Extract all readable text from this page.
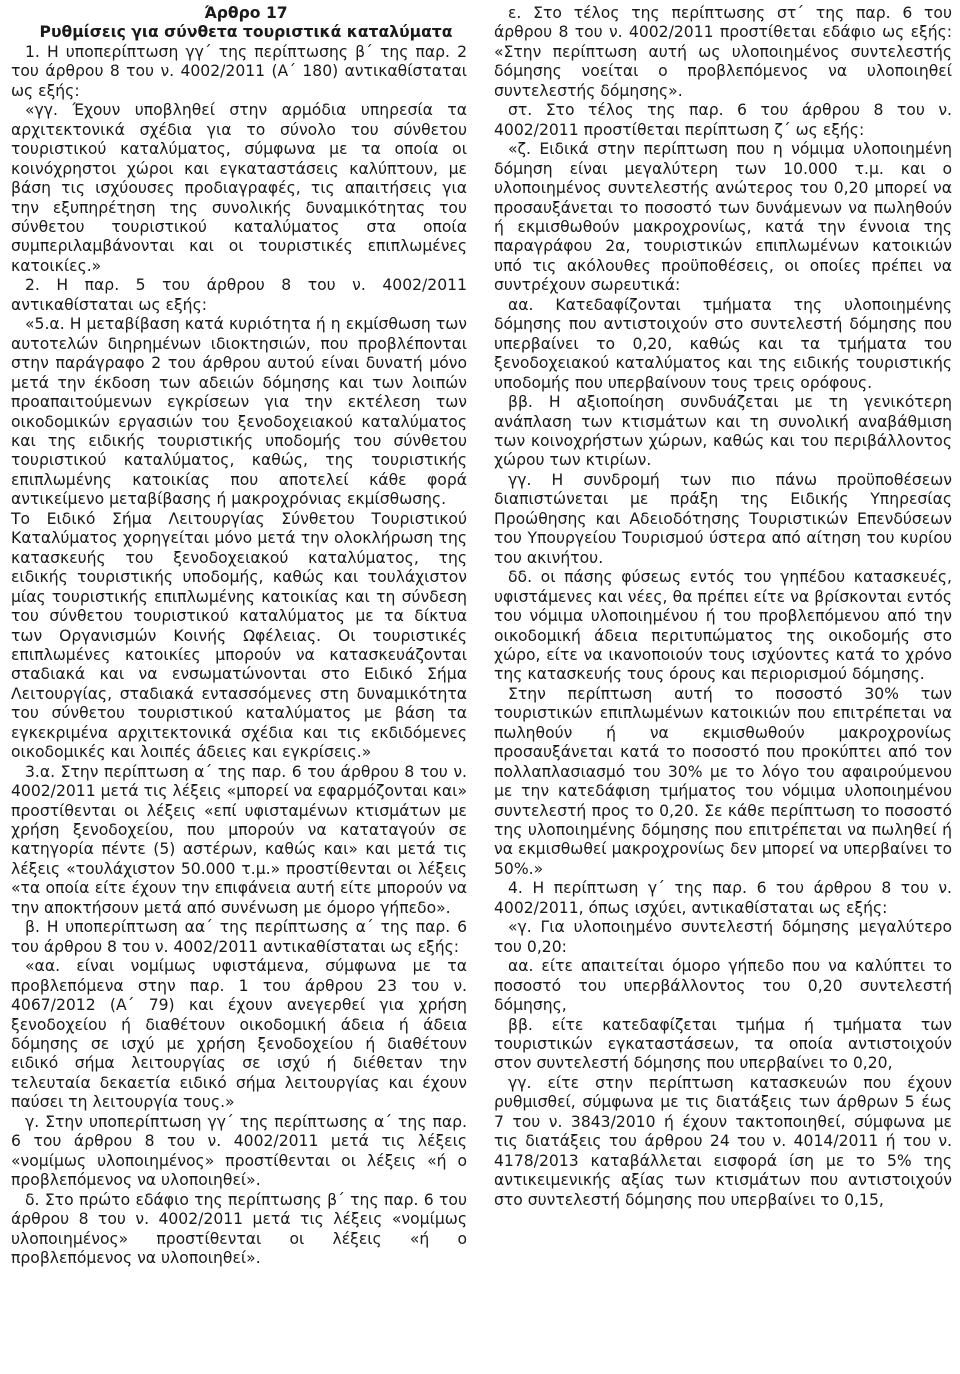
Άρθρο 17

Ρυθμίσεις για σύνθετα τουριστικά καταλύματα

1. Η υποπερίπτωση γγ΄ της περίπτωσης β΄ της παρ. 2 του άρθρου 8 του ν. 4002/2011 (Α΄ 180) αντικαθίσταται ως εξής:

«γγ. Έχουν υποβληθεί στην αρμόδια υπηρεσία τα αρχιτεκτονικά σχέδια για το σύνολο του σύνθετου τουριστικού καταλύματος, σύμφωνα με τα οποία οι κοινόχρηστοι χώροι και εγκαταστάσεις καλύπτουν, με βάση τις ισχύουσες προδιαγραφές, τις απαιτήσεις για την εξυπηρέτηση της συνολικής δυναμικότητας του σύνθετου τουριστικού καταλύματος στα οποία συμπεριλαμβάνονται και οι τουριστικές επιπλωμένες κατοικίες.»

2. Η παρ. 5 του άρθρου 8 του ν. 4002/2011 αντικαθίσταται ως εξής:

«5.α. Η μεταβίβαση κατά κυριότητα ή η εκμίσθωση των αυτοτελών διηρημένων ιδιοκτησιών, που προβλέπονται στην παράγραφο 2 του άρθρου αυτού είναι δυνατή μόνο μετά την έκδοση των αδειών δόμησης και των λοιπών προαπαιτούμενων εγκρίσεων για την εκτέλεση των οικοδομικών εργασιών του ξενοδοχειακού καταλύματος και της ειδικής τουριστικής υποδομής του σύνθετου τουριστικού καταλύματος, καθώς, της τουριστικής επιπλωμένης κατοικίας που αποτελεί κάθε φορά αντικείμενο μεταβίβασης ή μακροχρόνιας εκμίσθωσης.

Το Ειδικό Σήμα Λειτουργίας Σύνθετου Τουριστικού Καταλύματος χορηγείται μόνο μετά την ολοκλήρωση της κατασκευής του ξενοδοχειακού καταλύματος, της ειδικής τουριστικής υποδομής, καθώς και τουλάχιστον μίας τουριστικής επιπλωμένης κατοικίας και τη σύνδεση του σύνθετου τουριστικού καταλύματος με τα δίκτυα των Οργανισμών Κοινής Ωφέλειας. Οι τουριστικές επιπλωμένες κατοικίες μπορούν να κατασκευάζονται σταδιακά και να ενσωματώνονται στο Ειδικό Σήμα Λειτουργίας, σταδιακά εντασσόμενες στη δυναμικότητα του σύνθετου τουριστικού καταλύματος με βάση τα εγκεκριμένα αρχιτεκτονικά σχέδια και τις εκδιδόμενες οικοδομικές και λοιπές άδειες και εγκρίσεις.»

3.α. Στην περίπτωση α΄ της παρ. 6 του άρθρου 8 του ν. 4002/2011 μετά τις λέξεις «μπορεί να εφαρμόζονται και» προστίθενται οι λέξεις «επί υφισταμένων κτισμάτων με χρήση ξενοδοχείου, που μπορούν να καταταγούν σε κατηγορία πέντε (5) αστέρων, καθώς και» και μετά τις λέξεις «τουλάχιστον 50.000 τ.μ.» προστίθενται οι λέξεις «τα οποία είτε έχουν την επιφάνεια αυτή είτε μπορούν να την αποκτήσουν μετά από συνένωση με όμορο γήπεδο».

β. Η υποπερίπτωση αα΄ της περίπτωσης α΄ της παρ. 6 του άρθρου 8 του ν. 4002/2011 αντικαθίσταται ως εξής:

«αα. είναι νομίμως υφιστάμενα, σύμφωνα με τα προβλεπόμενα στην παρ. 1 του άρθρου 23 του ν. 4067/2012 (Α΄ 79) και έχουν ανεγερθεί για χρήση ξενοδοχείου ή διαθέτουν οικοδομική άδεια ή άδεια δόμησης σε ισχύ με χρήση ξενοδοχείου ή διαθέτουν ειδικό σήμα λειτουργίας σε ισχύ ή διέθεταν την τελευταία δεκαετία ειδικό σήμα λειτουργίας και έχουν παύσει τη λειτουργία τους.»

γ. Στην υποπερίπτωση γγ΄ της περίπτωσης α΄ της παρ. 6 του άρθρου 8 του ν. 4002/2011 μετά τις λέξεις «νομίμως υλοποιημένος» προστίθενται οι λέξεις «ή ο προβλεπόμενος να υλοποιηθεί».

δ. Στο πρώτο εδάφιο της περίπτωσης β΄ της παρ. 6 του άρθρου 8 του ν. 4002/2011 μετά τις λέξεις «νομίμως υλοποιημένος» προστίθενται οι λέξεις «ή ο προβλεπόμενος να υλοποιηθεί».

ε. Στο τέλος της περίπτωσης στ΄ της παρ. 6 του άρθρου 8 του ν. 4002/2011 προστίθεται εδάφιο ως εξής: «Στην περίπτωση αυτή ως υλοποιημένος συντελεστής δόμησης νοείται ο προβλεπόμενος να υλοποιηθεί συντελεστής δόμησης».

στ. Στο τέλος της παρ. 6 του άρθρου 8 του ν. 4002/2011 προστίθεται περίπτωση ζ΄ ως εξής:

«ζ. Ειδικά στην περίπτωση που η νόμιμα υλοποιημένη δόμηση είναι μεγαλύτερη των 10.000 τ.μ. και ο υλοποιημένος συντελεστής ανώτερος του 0,20 μπορεί να προσαυξάνεται το ποσοστό των δυνάμενων να πωληθούν ή εκμισθωθούν μακροχρονίως, κατά την έννοια της παραγράφου 2α, τουριστικών επιπλωμένων κατοικιών υπό τις ακόλουθες προϋποθέσεις, οι οποίες πρέπει να συντρέχουν σωρευτικά:

αα. Κατεδαφίζονται τμήματα της υλοποιημένης δόμησης που αντιστοιχούν στο συντελεστή δόμησης που υπερβαίνει το 0,20, καθώς και τα τμήματα του ξενοδοχειακού καταλύματος και της ειδικής τουριστικής υποδομής που υπερβαίνουν τους τρεις ορόφους.

ββ. Η αξιοποίηση συνδυάζεται με τη γενικότερη ανάπλαση των κτισμάτων και τη συνολική αναβάθμιση των κοινοχρήστων χώρων, καθώς και του περιβάλλοντος χώρου των κτιρίων.

γγ. Η συνδρομή των πιο πάνω προϋποθέσεων διαπιστώνεται με πράξη της Ειδικής Υπηρεσίας Προώθησης και Αδειοδότησης Τουριστικών Επενδύσεων του Υπουργείου Τουρισμού ύστερα από αίτηση του κυρίου του ακινήτου.

δδ. οι πάσης φύσεως εντός του γηπέδου κατασκευές, υφιστάμενες και νέες, θα πρέπει είτε να βρίσκονται εντός του νόμιμα υλοποιημένου ή του προβλεπόμενου από την οικοδομική άδεια περιτυπώματος της οικοδομής στο χώρο, είτε να ικανοποιούν τους ισχύοντες κατά το χρόνο της κατασκευής τους όρους και περιορισμού δόμησης.

Στην περίπτωση αυτή το ποσοστό 30% των τουριστικών επιπλωμένων κατοικιών που επιτρέπεται να πωληθούν ή να εκμισθωθούν μακροχρονίως προσαυξάνεται κατά το ποσοστό που προκύπτει από τον πολλαπλασιασμό του 30% με το λόγο του αφαιρούμενου με την κατεδάφιση τμήματος του νόμιμα υλοποιημένου συντελεστή προς το 0,20. Σε κάθε περίπτωση το ποσοστό της υλοποιημένης δόμησης που επιτρέπεται να πωληθεί ή να εκμισθωθεί μακροχρονίως δεν μπορεί να υπερβαίνει το 50%.»

4. Η περίπτωση γ΄ της παρ. 6 του άρθρου 8 του ν. 4002/2011, όπως ισχύει, αντικαθίσταται ως εξής:

«γ. Για υλοποιημένο συντελεστή δόμησης μεγαλύτερο του 0,20:

αα. είτε απαιτείται όμορο γήπεδο που να καλύπτει το ποσοστό του υπερβάλλοντος του 0,20 συντελεστή δόμησης,

ββ. είτε κατεδαφίζεται τμήμα ή τμήματα των τουριστικών εγκαταστάσεων, τα οποία αντιστοιχούν στον συντελεστή δόμησης που υπερβαίνει το 0,20,

γγ. είτε στην περίπτωση κατασκευών που έχουν ρυθμισθεί, σύμφωνα με τις διατάξεις των άρθρων 5 έως 7 του ν. 3843/2010 ή έχουν τακτοποιηθεί, σύμφωνα με τις διατάξεις του άρθρου 24 του ν. 4014/2011 ή του ν. 4178/2013 καταβάλλεται εισφορά ίση με το 5% της αντικειμενικής αξίας των κτισμάτων που αντιστοιχούν στο συντελεστή δόμησης που υπερβαίνει το 0,15,
